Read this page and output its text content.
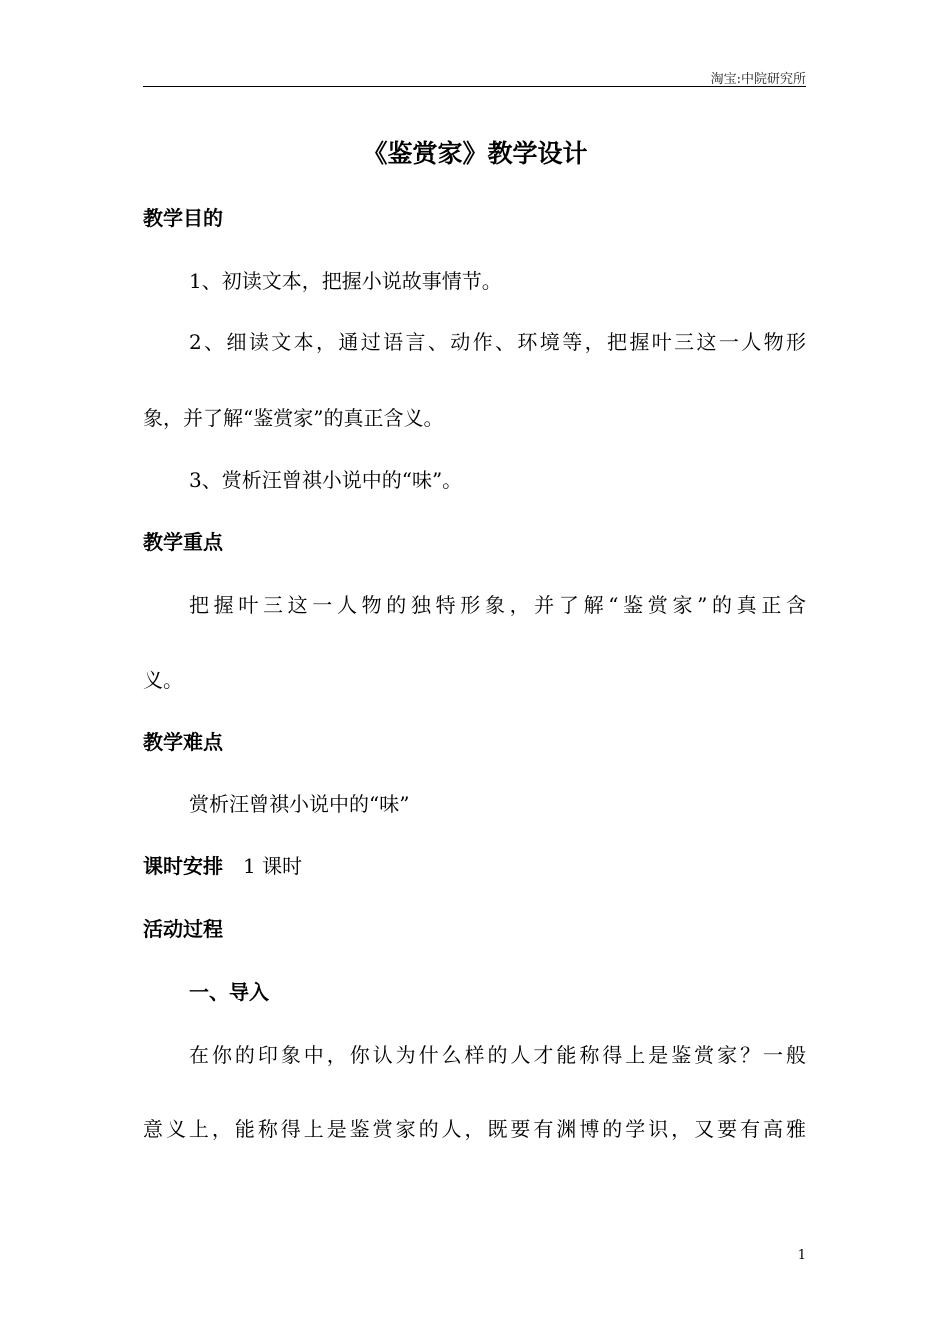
淘宝:中院研究所
《鉴赏家》教学设计
教学目的
1、初读文本，把握小说故事情节。
2、细读文本，通过语言、动作、环境等，把握叶三这一人物形
象，并了解“鉴赏家”的真正含义。
3、赏析汪曾祺小说中的“味”。
教学重点
把握叶三这一人物的独特形象，并了解“鉴赏家”的真正含
义。
教学难点
赏析汪曾祺小说中的“味”
课时安排 1 课时
活动过程
一、导入
在你的印象中，你认为什么样的人才能称得上是鉴赏家？一般
意义上，能称得上是鉴赏家的人，既要有渊博的学识，又要有高雅
1
